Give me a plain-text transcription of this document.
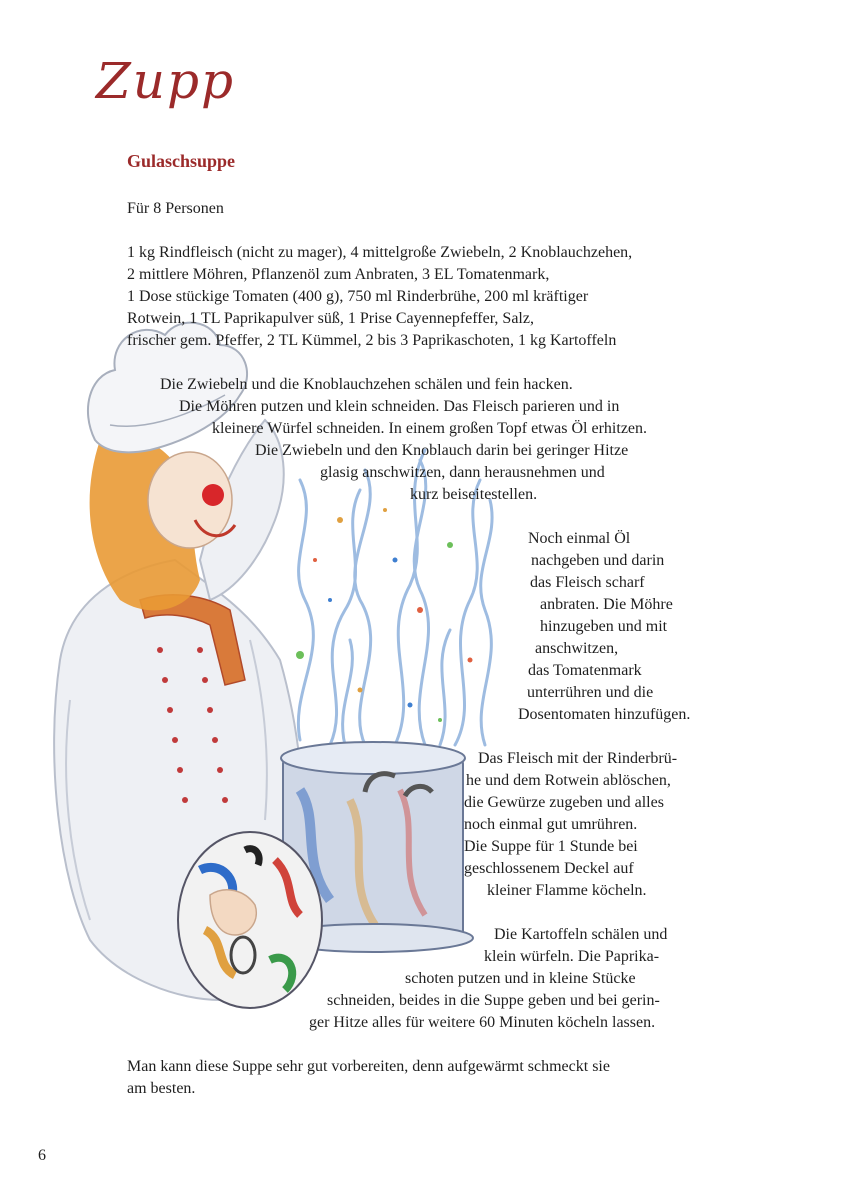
Zupp
Gulaschsuppe
Für 8 Personen
1 kg Rindfleisch (nicht zu mager), 4 mittelgroße Zwiebeln, 2 Knoblauchzehen,
2 mittlere Möhren, Pflanzenöl zum Anbraten, 3 EL Tomatenmark,
1 Dose stückige Tomaten (400 g), 750 ml Rinderbrühe, 200 ml kräftiger
Rotwein, 1 TL Paprikapulver süß, 1 Prise Cayennepfeffer, Salz,
frischer gem. Pfeffer, 2 TL Kümmel, 2 bis 3 Paprikaschoten, 1 kg Kartoffeln
Die Zwiebeln und die Knoblauchzehen schälen und fein hacken.
Die Möhren putzen und klein schneiden. Das Fleisch parieren und in
kleinere Würfel schneiden. In einem großen Topf etwas Öl erhitzen.
Die Zwiebeln und den Knoblauch darin bei geringer Hitze
glasig anschwitzen, dann herausnehmen und
kurz beiseitestellen.
Noch einmal Öl
nachgeben und darin
das Fleisch scharf
anbraten. Die Möhre
hinzugeben und mit
anschwitzen,
das Tomatenmark
unterrühren und die
Dosentomaten hinzufügen.
Das Fleisch mit der Rinderbrü-
he und dem Rotwein ablöschen,
die Gewürze zugeben und alles
noch einmal gut umrühren.
Die Suppe für 1 Stunde bei
geschlossenem Deckel auf
kleiner Flamme köcheln.
Die Kartoffeln schälen und
klein würfeln. Die Paprika-
schoten putzen und in kleine Stücke
schneiden, beides in die Suppe geben und bei gerin-
ger Hitze alles für weitere 60 Minuten köcheln lassen.
Man kann diese Suppe sehr gut vorbereiten, denn aufgewärmt schmeckt sie
am besten.
6
